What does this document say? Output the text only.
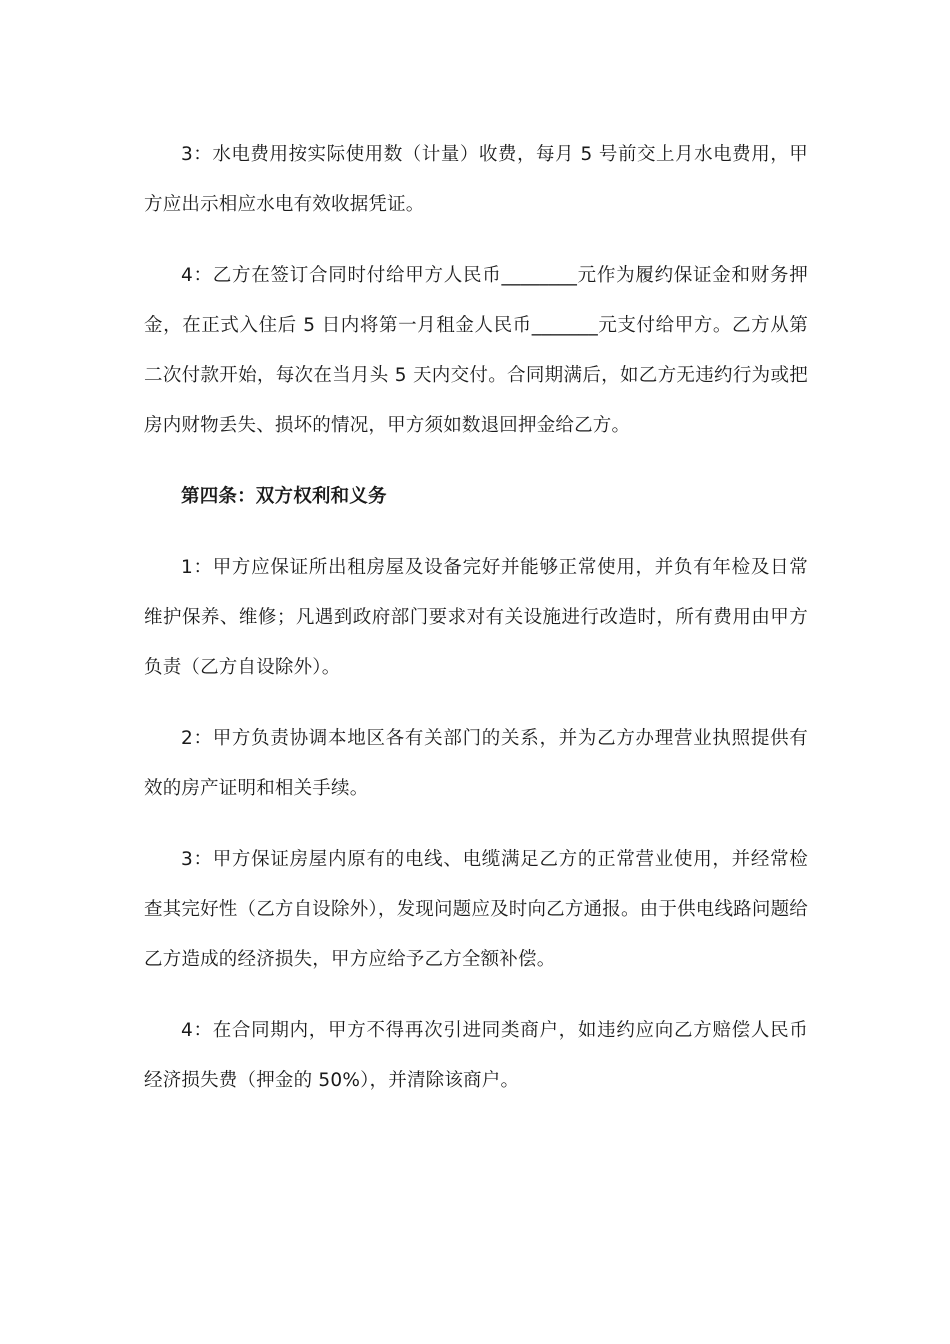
3：水电费用按实际使用数（计量）收费，每月 5 号前交上月水电费用，甲方应出示相应水电有效收据凭证。

4：乙方在签订合同时付给甲方人民币________元作为履约保证金和财务押金，在正式入住后 5 日内将第一月租金人民币_______元支付给甲方。乙方从第二次付款开始，每次在当月头 5 天内交付。合同期满后，如乙方无违约行为或把房内财物丢失、损坏的情况，甲方须如数退回押金给乙方。

第四条：双方权利和义务

1：甲方应保证所出租房屋及设备完好并能够正常使用，并负有年检及日常维护保养、维修；凡遇到政府部门要求对有关设施进行改造时，所有费用由甲方负责（乙方自设除外）。

2：甲方负责协调本地区各有关部门的关系，并为乙方办理营业执照提供有效的房产证明和相关手续。

3：甲方保证房屋内原有的电线、电缆满足乙方的正常营业使用，并经常检查其完好性（乙方自设除外），发现问题应及时向乙方通报。由于供电线路问题给乙方造成的经济损失，甲方应给予乙方全额补偿。

4：在合同期内，甲方不得再次引进同类商户，如违约应向乙方赔偿人民币经济损失费（押金的 50%），并清除该商户。
